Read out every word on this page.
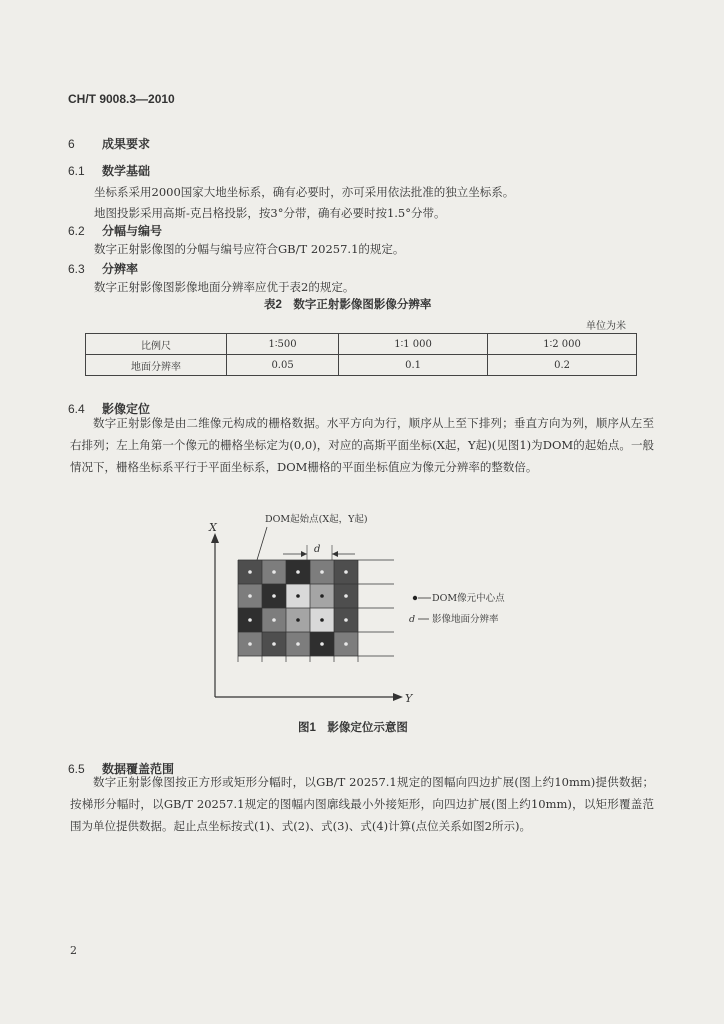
CH/T 9008.3—2010
6 成果要求
6.1 数学基础
坐标系采用2000国家大地坐标系，确有必要时，亦可采用依法批准的独立坐标系。
地图投影采用高斯-克吕格投影，按3°分带，确有必要时按1.5°分带。
6.2 分幅与编号
数字正射影像图的分幅与编号应符合GB/T 20257.1的规定。
6.3 分辨率
数字正射影像图影像地面分辨率应优于表2的规定。
表2　数字正射影像图影像分辨率
单位为米
比例尺	1∶500	1∶1 000	1∶2 000
地面分辨率	0.05	0.1	0.2
6.4 影像定位
数字正射影像是由二维像元构成的栅格数据。水平方向为行，顺序从上至下排列；垂直方向为列，顺序从左至右排列；左上角第一个像元的栅格坐标定为(0,0)，对应的高斯平面坐标(X起，Y起)(见图1)为DOM的起始点。一般情况下，栅格坐标系平行于平面坐标系，DOM栅格的平面坐标值应为像元分辨率的整数倍。
X
Y
DOM起始点(X起，Y起)
d
DOM像元中心点
d 影像地面分辨率
图1　影像定位示意图
6.5 数据覆盖范围
数字正射影像图按正方形或矩形分幅时，以GB/T 20257.1规定的图幅向四边扩展(图上约10mm)提供数据；按梯形分幅时，以GB/T 20257.1规定的图幅内图廓线最小外接矩形，向四边扩展(图上约10mm)，以矩形覆盖范围为单位提供数据。起止点坐标按式(1)、式(2)、式(3)、式(4)计算(点位关系如图2所示)。
2
